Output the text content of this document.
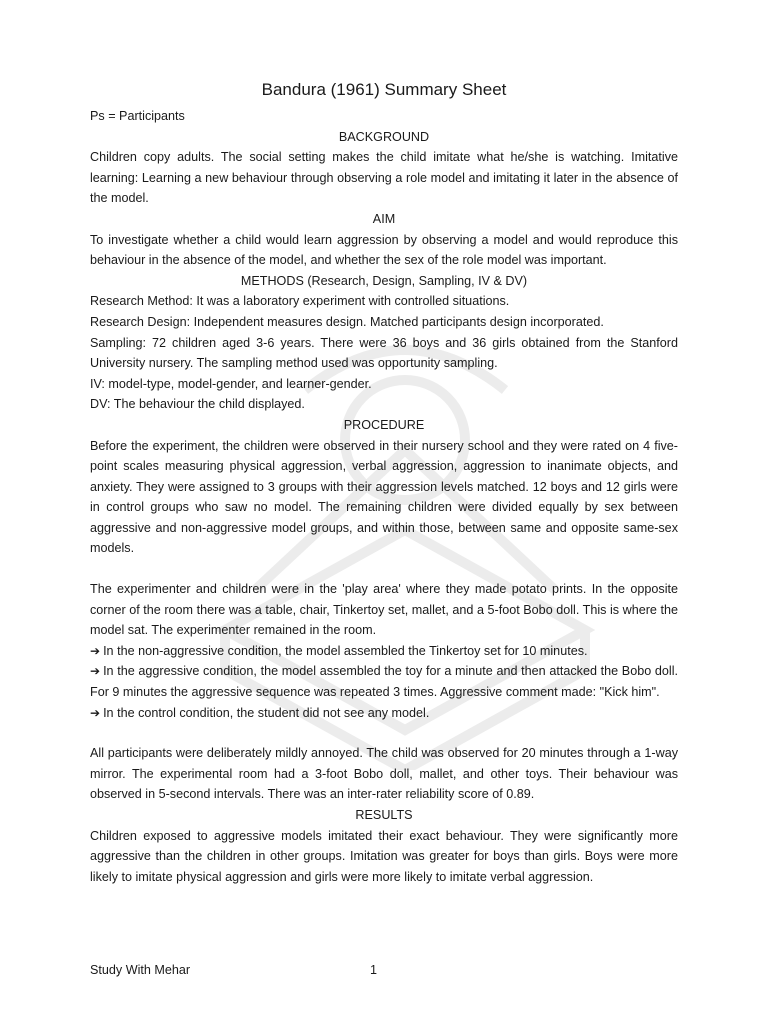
Bandura (1961) Summary Sheet

Ps = Participants

BACKGROUND

Children copy adults. The social setting makes the child imitate what he/she is watching. Imitative learning: Learning a new behaviour through observing a role model and imitating it later in the absence of the model.

AIM

To investigate whether a child would learn aggression by observing a model and would reproduce this behaviour in the absence of the model, and whether the sex of the role model was important.

METHODS (Research, Design, Sampling, IV & DV)

Research Method: It was a laboratory experiment with controlled situations.

Research Design: Independent measures design. Matched participants design incorporated.

Sampling: 72 children aged 3-6 years. There were 36 boys and 36 girls obtained from the Stanford University nursery. The sampling method used was opportunity sampling.

IV: model-type, model-gender, and learner-gender.

DV: The behaviour the child displayed.

PROCEDURE

Before the experiment, the children were observed in their nursery school and they were rated on 4 five-point scales measuring physical aggression, verbal aggression, aggression to inanimate objects, and anxiety. They were assigned to 3 groups with their aggression levels matched. 12 boys and 12 girls were in control groups who saw no model. The remaining children were divided equally by sex between aggressive and non-aggressive model groups, and within those, between same and opposite same-sex models.

The experimenter and children were in the 'play area' where they made potato prints. In the opposite corner of the room there was a table, chair, Tinkertoy set, mallet, and a 5-foot Bobo doll. This is where the model sat. The experimenter remained in the room.

➔ In the non-aggressive condition, the model assembled the Tinkertoy set for 10 minutes.

➔ In the aggressive condition, the model assembled the toy for a minute and then attacked the Bobo doll. For 9 minutes the aggressive sequence was repeated 3 times. Aggressive comment made: "Kick him".

➔ In the control condition, the student did not see any model.

All participants were deliberately mildly annoyed. The child was observed for 20 minutes through a 1-way mirror. The experimental room had a 3-foot Bobo doll, mallet, and other toys. Their behaviour was observed in 5-second intervals. There was an inter-rater reliability score of 0.89.

RESULTS

Children exposed to aggressive models imitated their exact behaviour. They were significantly more aggressive than the children in other groups. Imitation was greater for boys than girls. Boys were more likely to imitate physical aggression and girls were more likely to imitate verbal aggression.

Study With Mehar	1
